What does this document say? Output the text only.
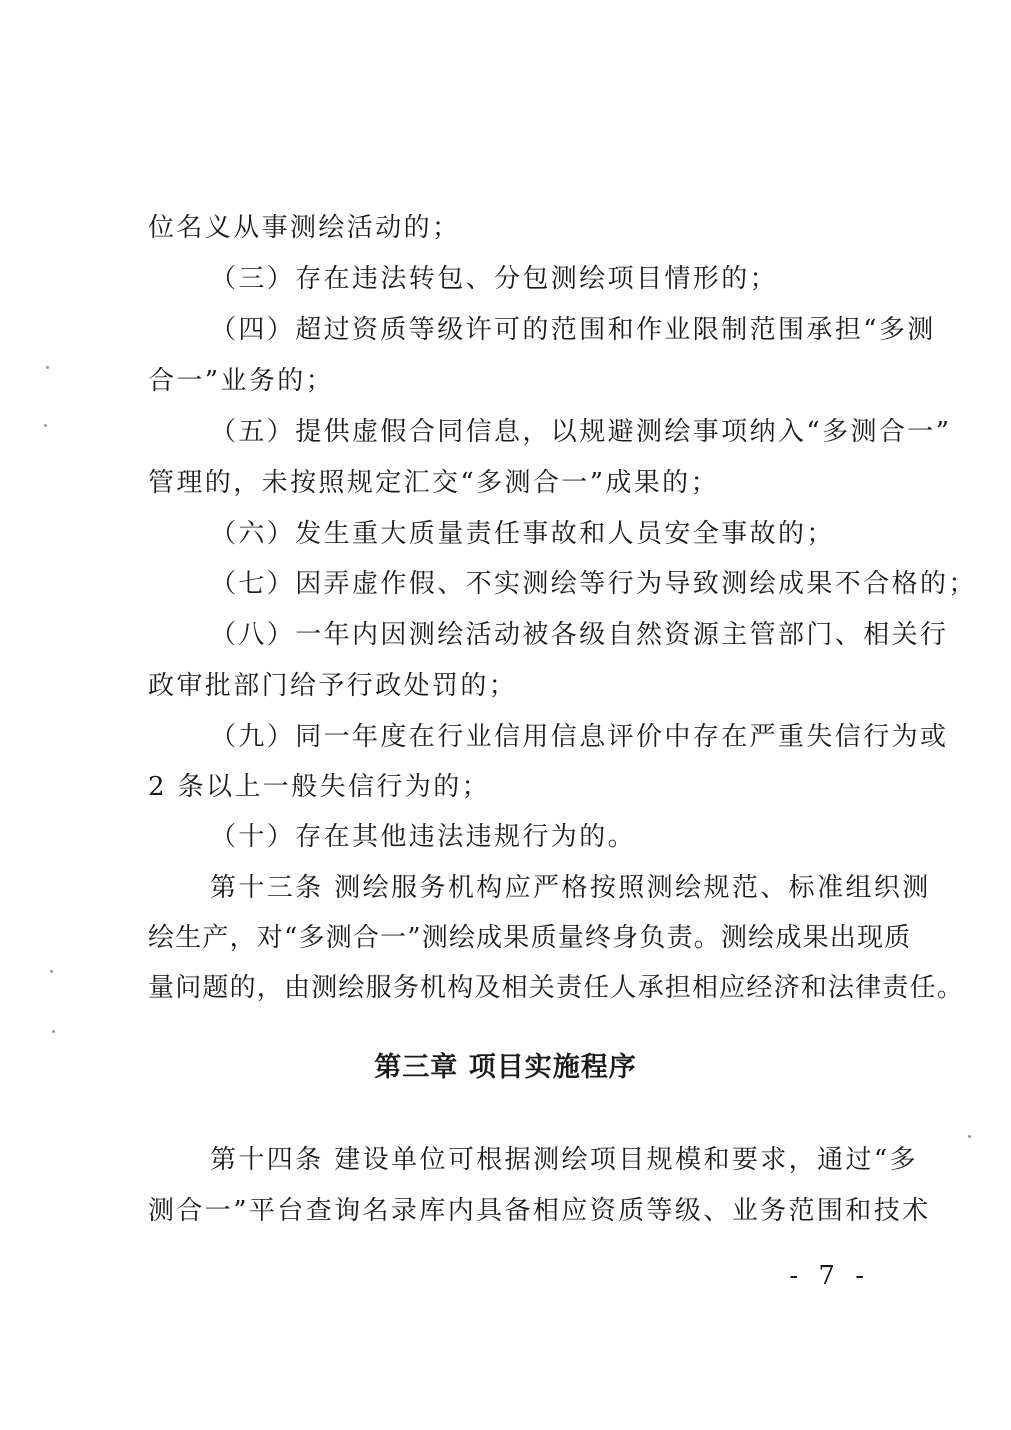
位名义从事测绘活动的；
（三）存在违法转包、分包测绘项目情形的；
（四）超过资质等级许可的范围和作业限制范围承担“多测
合一”业务的；
（五）提供虚假合同信息，以规避测绘事项纳入“多测合一”
管理的，未按照规定汇交“多测合一”成果的；
（六）发生重大质量责任事故和人员安全事故的；
（七）因弄虚作假、不实测绘等行为导致测绘成果不合格的；
（八）一年内因测绘活动被各级自然资源主管部门、相关行
政审批部门给予行政处罚的；
（九）同一年度在行业信用信息评价中存在严重失信行为或
2 条以上一般失信行为的；
（十）存在其他违法违规行为的。
第十三条 测绘服务机构应严格按照测绘规范、标准组织测
绘生产，对“多测合一”测绘成果质量终身负责。测绘成果出现质
量问题的，由测绘服务机构及相关责任人承担相应经济和法律责任。
第三章 项目实施程序
第十四条 建设单位可根据测绘项目规模和要求，通过“多
测合一”平台查询名录库内具备相应资质等级、业务范围和技术
- 7 -
